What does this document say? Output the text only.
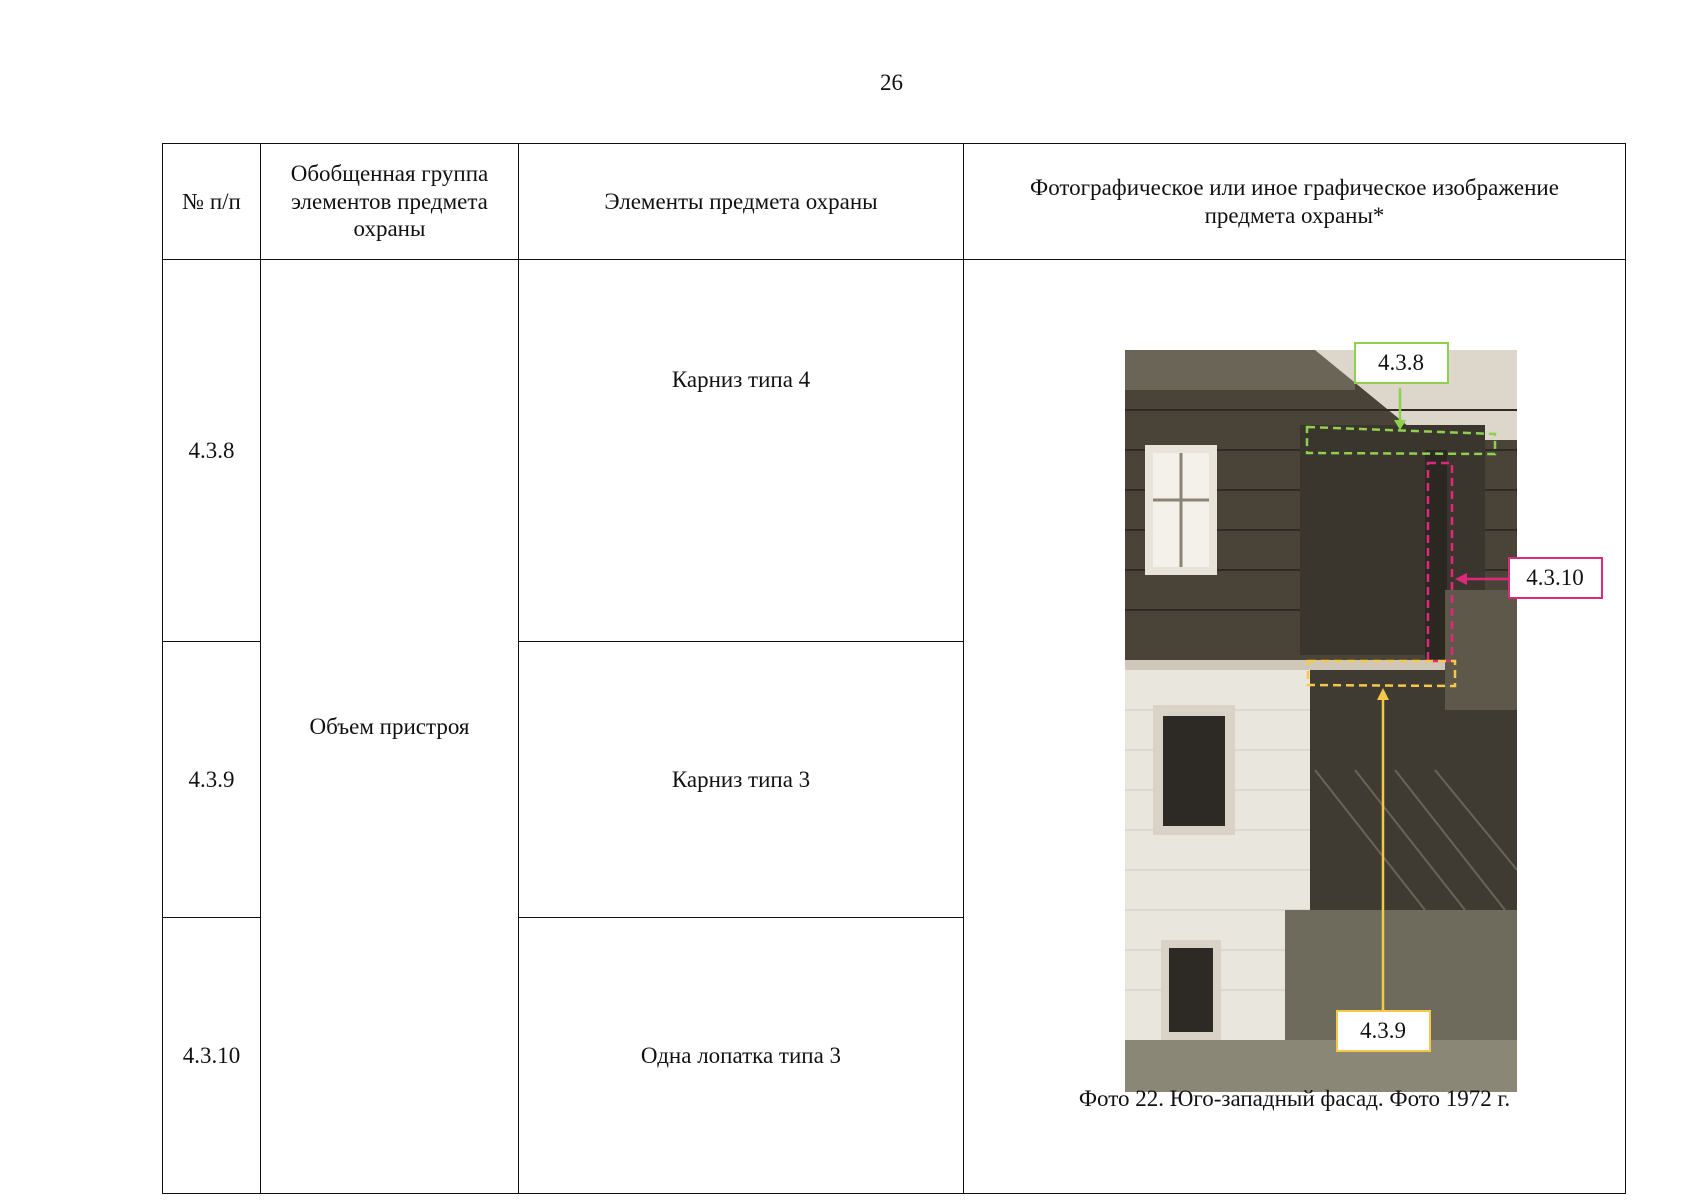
26
№ п/п	Обобщенная группа элементов предмета охраны	Элементы предмета охраны	Фотографическое или иное графическое изображение предмета охраны*
4.3.8	Объем пристроя	Карниз типа 4	4.3.8
4.3.10
4.3.9
Фото 22. Юго-западный фасад. Фото 1972 г.

4.3.9		Карниз типа 3	
4.3.10		Одна лопатка типа 3	
